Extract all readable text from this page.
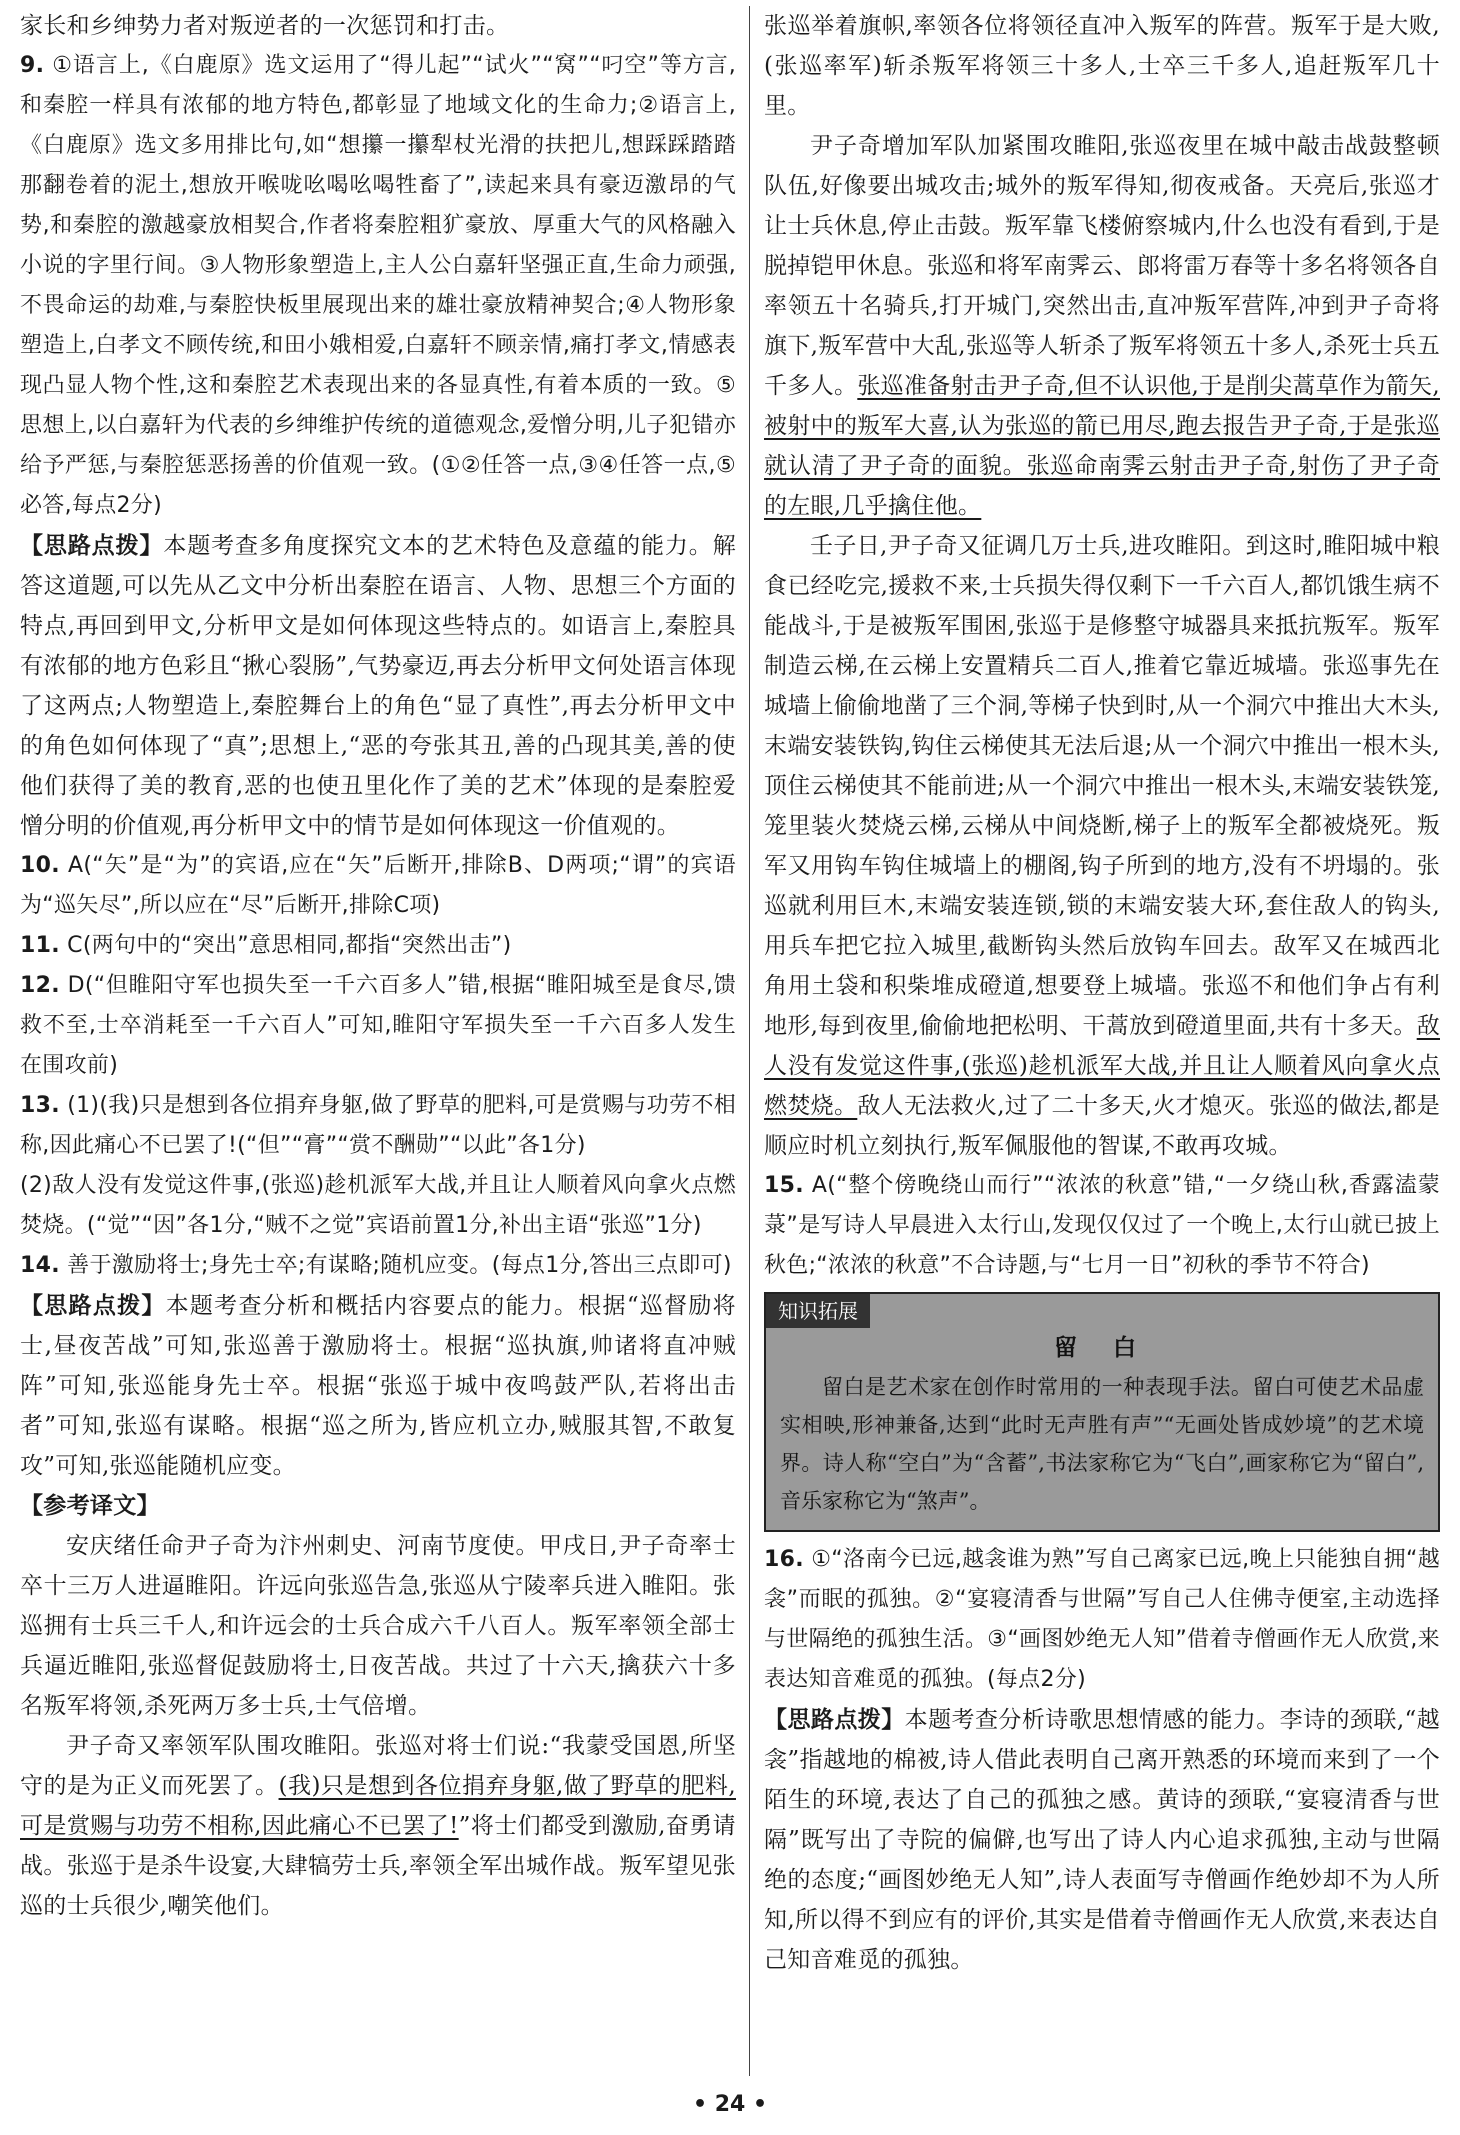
家长和乡绅势力者对叛逆者的一次惩罚和打击。

9. ①语言上,《白鹿原》选文运用了“得儿起”“试火”“窝”“叼空”等方言,和秦腔一样具有浓郁的地方特色,都彰显了地域文化的生命力;②语言上,《白鹿原》选文多用排比句,如“想攥一攥犁杖光滑的扶把儿,想踩踩踏踏那翻卷着的泥土,想放开喉咙吆喝吆喝牲畜了”,读起来具有豪迈激昂的气势,和秦腔的激越豪放相契合,作者将秦腔粗犷豪放、厚重大气的风格融入小说的字里行间。③人物形象塑造上,主人公白嘉轩坚强正直,生命力顽强,不畏命运的劫难,与秦腔快板里展现出来的雄壮豪放精神契合;④人物形象塑造上,白孝文不顾传统,和田小娥相爱,白嘉轩不顾亲情,痛打孝文,情感表现凸显人物个性,这和秦腔艺术表现出来的各显真性,有着本质的一致。⑤思想上,以白嘉轩为代表的乡绅维护传统的道德观念,爱憎分明,儿子犯错亦给予严惩,与秦腔惩恶扬善的价值观一致。(①②任答一点,③④任答一点,⑤必答,每点2分)

【思路点拨】本题考查多角度探究文本的艺术特色及意蕴的能力。解答这道题,可以先从乙文中分析出秦腔在语言、人物、思想三个方面的特点,再回到甲文,分析甲文是如何体现这些特点的。如语言上,秦腔具有浓郁的地方色彩且“揪心裂肠”,气势豪迈,再去分析甲文何处语言体现了这两点;人物塑造上,秦腔舞台上的角色“显了真性”,再去分析甲文中的角色如何体现了“真”;思想上,“恶的夸张其丑,善的凸现其美,善的使他们获得了美的教育,恶的也使丑里化作了美的艺术”体现的是秦腔爱憎分明的价值观,再分析甲文中的情节是如何体现这一价值观的。

10. A(“矢”是“为”的宾语,应在“矢”后断开,排除B、D两项;“谓”的宾语为“巡矢尽”,所以应在“尽”后断开,排除C项)

11. C(两句中的“突出”意思相同,都指“突然出击”)

12. D(“但睢阳守军也损失至一千六百多人”错,根据“睢阳城至是食尽,馈救不至,士卒消耗至一千六百人”可知,睢阳守军损失至一千六百多人发生在围攻前)

13. (1)(我)只是想到各位捐弃身躯,做了野草的肥料,可是赏赐与功劳不相称,因此痛心不已罢了!(“但”“膏”“赏不酬勋”“以此”各1分)

(2)敌人没有发觉这件事,(张巡)趁机派军大战,并且让人顺着风向拿火点燃焚烧。(“觉”“因”各1分,“贼不之觉”宾语前置1分,补出主语“张巡”1分)

14. 善于激励将士;身先士卒;有谋略;随机应变。(每点1分,答出三点即可)

【思路点拨】本题考查分析和概括内容要点的能力。根据“巡督励将士,昼夜苦战”可知,张巡善于激励将士。根据“巡执旗,帅诸将直冲贼阵”可知,张巡能身先士卒。根据“张巡于城中夜鸣鼓严队,若将出击者”可知,张巡有谋略。根据“巡之所为,皆应机立办,贼服其智,不敢复攻”可知,张巡能随机应变。

【参考译文】

安庆绪任命尹子奇为汴州刺史、河南节度使。甲戌日,尹子奇率士卒十三万人进逼睢阳。许远向张巡告急,张巡从宁陵率兵进入睢阳。张巡拥有士兵三千人,和许远会的士兵合成六千八百人。叛军率领全部士兵逼近睢阳,张巡督促鼓励将士,日夜苦战。共过了十六天,擒获六十多名叛军将领,杀死两万多士兵,士气倍增。

尹子奇又率领军队围攻睢阳。张巡对将士们说:“我蒙受国恩,所坚守的是为正义而死罢了。(我)只是想到各位捐弃身躯,做了野草的肥料,可是赏赐与功劳不相称,因此痛心不已罢了!”将士们都受到激励,奋勇请战。张巡于是杀牛设宴,大肆犒劳士兵,率领全军出城作战。叛军望见张巡的士兵很少,嘲笑他们。

张巡举着旗帜,率领各位将领径直冲入叛军的阵营。叛军于是大败,(张巡率军)斩杀叛军将领三十多人,士卒三千多人,追赶叛军几十里。

尹子奇增加军队加紧围攻睢阳,张巡夜里在城中敲击战鼓整顿队伍,好像要出城攻击;城外的叛军得知,彻夜戒备。天亮后,张巡才让士兵休息,停止击鼓。叛军靠飞楼俯察城内,什么也没有看到,于是脱掉铠甲休息。张巡和将军南霁云、郎将雷万春等十多名将领各自率领五十名骑兵,打开城门,突然出击,直冲叛军营阵,冲到尹子奇将旗下,叛军营中大乱,张巡等人斩杀了叛军将领五十多人,杀死士兵五千多人。张巡准备射击尹子奇,但不认识他,于是削尖蒿草作为箭矢,被射中的叛军大喜,认为张巡的箭已用尽,跑去报告尹子奇,于是张巡就认清了尹子奇的面貌。张巡命南霁云射击尹子奇,射伤了尹子奇的左眼,几乎擒住他。

壬子日,尹子奇又征调几万士兵,进攻睢阳。到这时,睢阳城中粮食已经吃完,援救不来,士兵损失得仅剩下一千六百人,都饥饿生病不能战斗,于是被叛军围困,张巡于是修整守城器具来抵抗叛军。叛军制造云梯,在云梯上安置精兵二百人,推着它靠近城墙。张巡事先在城墙上偷偷地凿了三个洞,等梯子快到时,从一个洞穴中推出大木头,末端安装铁钩,钩住云梯使其无法后退;从一个洞穴中推出一根木头,顶住云梯使其不能前进;从一个洞穴中推出一根木头,末端安装铁笼,笼里装火焚烧云梯,云梯从中间烧断,梯子上的叛军全都被烧死。叛军又用钩车钩住城墙上的棚阁,钩子所到的地方,没有不坍塌的。张巡就利用巨木,末端安装连锁,锁的末端安装大环,套住敌人的钩头,用兵车把它拉入城里,截断钩头然后放钩车回去。敌军又在城西北角用土袋和积柴堆成磴道,想要登上城墙。张巡不和他们争占有利地形,每到夜里,偷偷地把松明、干蒿放到磴道里面,共有十多天。敌人没有发觉这件事,(张巡)趁机派军大战,并且让人顺着风向拿火点燃焚烧。敌人无法救火,过了二十多天,火才熄灭。张巡的做法,都是顺应时机立刻执行,叛军佩服他的智谋,不敢再攻城。

15. A(“整个傍晚绕山而行”“浓浓的秋意”错,“一夕绕山秋,香露溘蒙菉”是写诗人早晨进入太行山,发现仅仅过了一个晚上,太行山就已披上秋色;“浓浓的秋意”不合诗题,与“七月一日”初秋的季节不符合)

知识拓展
留 白
留白是艺术家在创作时常用的一种表现手法。留白可使艺术品虚实相映,形神兼备,达到“此时无声胜有声”“无画处皆成妙境”的艺术境界。诗人称“空白”为“含蓄”,书法家称它为“飞白”,画家称它为“留白”,音乐家称它为“煞声”。

16. ①“洛南今已远,越衾谁为熟”写自己离家已远,晚上只能独自拥“越衾”而眠的孤独。②“宴寝清香与世隔”写自己人住佛寺便室,主动选择与世隔绝的孤独生活。③“画图妙绝无人知”借着寺僧画作无人欣赏,来表达知音难觅的孤独。(每点2分)

【思路点拨】本题考查分析诗歌思想情感的能力。李诗的颈联,“越衾”指越地的棉被,诗人借此表明自己离开熟悉的环境而来到了一个陌生的环境,表达了自己的孤独之感。黄诗的颈联,“宴寝清香与世隔”既写出了寺院的偏僻,也写出了诗人内心追求孤独,主动与世隔绝的态度;“画图妙绝无人知”,诗人表面写寺僧画作绝妙却不为人所知,所以得不到应有的评价,其实是借着寺僧画作无人欣赏,来表达自己知音难觅的孤独。

• 24 •
